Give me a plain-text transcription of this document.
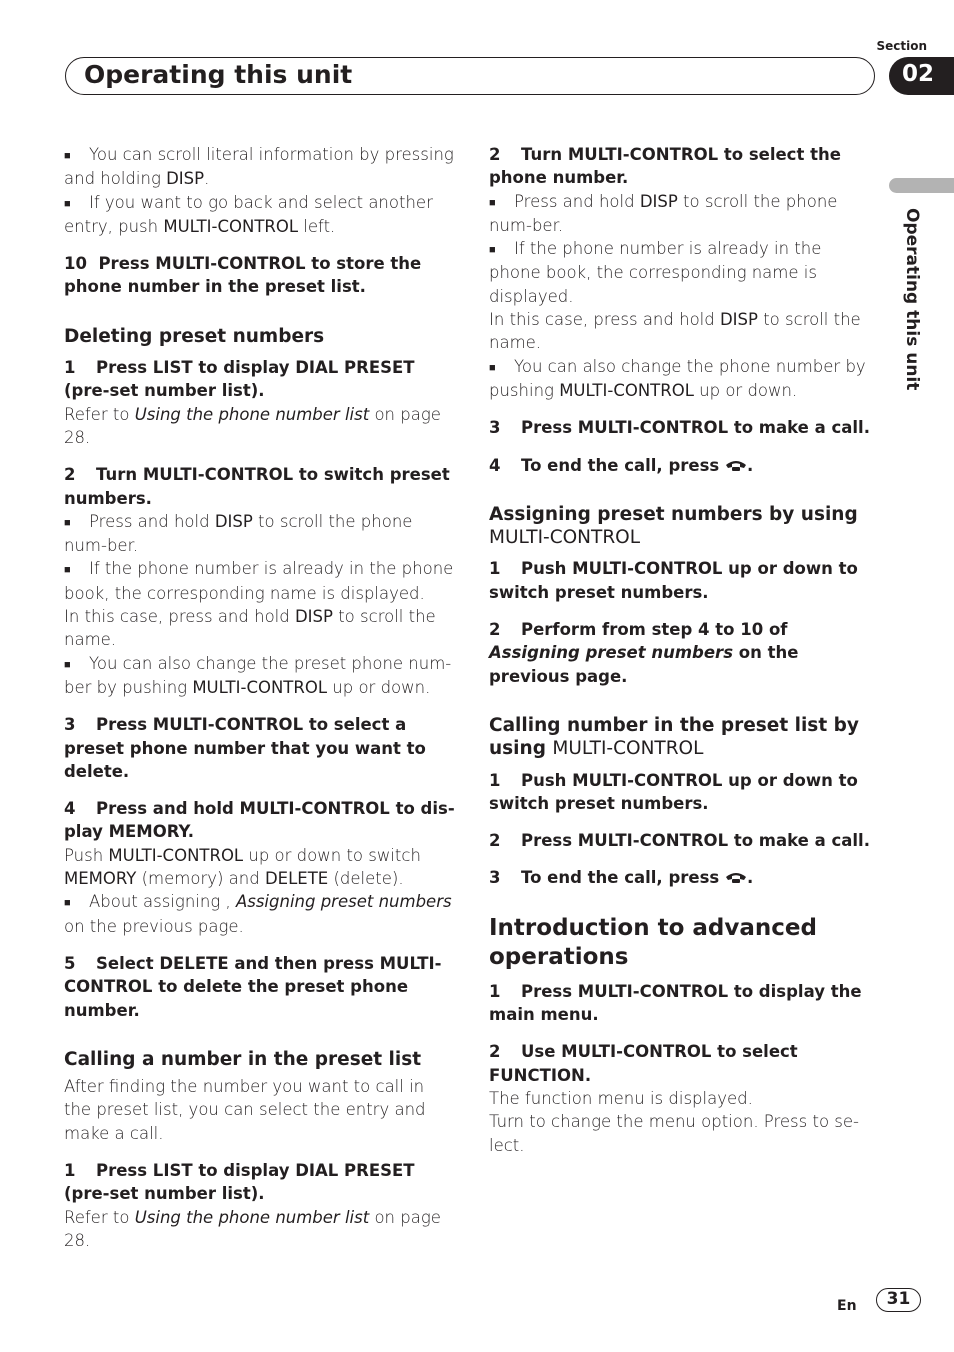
Section
Operating this unit	02
Operating this unit

■ You can scroll literal information by pressing and holding DISP.

■ If you want to go back and select another entry, push MULTI-CONTROL left.

10 Press MULTI-CONTROL to store the phone number in the preset list.

Deleting preset numbers

1 Press LIST to display DIAL PRESET (pre-set number list).

Refer to Using the phone number list on page 28.

2 Turn MULTI-CONTROL to switch preset numbers.

■ Press and hold DISP to scroll the phone num-ber.

■ If the phone number is already in the phone book, the corresponding name is displayed.

In this case, press and hold DISP to scroll the name.

■ You can also change the preset phone num-ber by pushing MULTI-CONTROL up or down.

3 Press MULTI-CONTROL to select a preset phone number that you want to delete.

4 Press and hold MULTI-CONTROL to dis-play MEMORY.

Push MULTI-CONTROL up or down to switch MEMORY (memory) and DELETE (delete).

■ About assigning , Assigning preset numbers on the previous page.

5 Select DELETE and then press MULTI-CONTROL to delete the preset phone number.

Calling a number in the preset list

After finding the number you want to call in the preset list, you can select the entry and make a call.

1 Press LIST to display DIAL PRESET (pre-set number list).

Refer to Using the phone number list on page 28.

2 Turn MULTI-CONTROL to select the phone number.

■ Press and hold DISP to scroll the phone num-ber.

■ If the phone number is already in the phone book, the corresponding name is displayed.

In this case, press and hold DISP to scroll the name.

■ You can also change the phone number by pushing MULTI-CONTROL up or down.

3 Press MULTI-CONTROL to make a call.

4 To end the call, press .

Assigning preset numbers by using MULTI-CONTROL

1 Push MULTI-CONTROL up or down to switch preset numbers.

2 Perform from step 4 to 10 of Assigning preset numbers on the previous page.

Calling number in the preset list by using MULTI-CONTROL

1 Push MULTI-CONTROL up or down to switch preset numbers.

2 Press MULTI-CONTROL to make a call.

3 To end the call, press .

Introduction to advanced operations

1 Press MULTI-CONTROL to display the main menu.

2 Use MULTI-CONTROL to select FUNCTION.

The function menu is displayed.

Turn to change the menu option. Press to se-lect.

En	31
